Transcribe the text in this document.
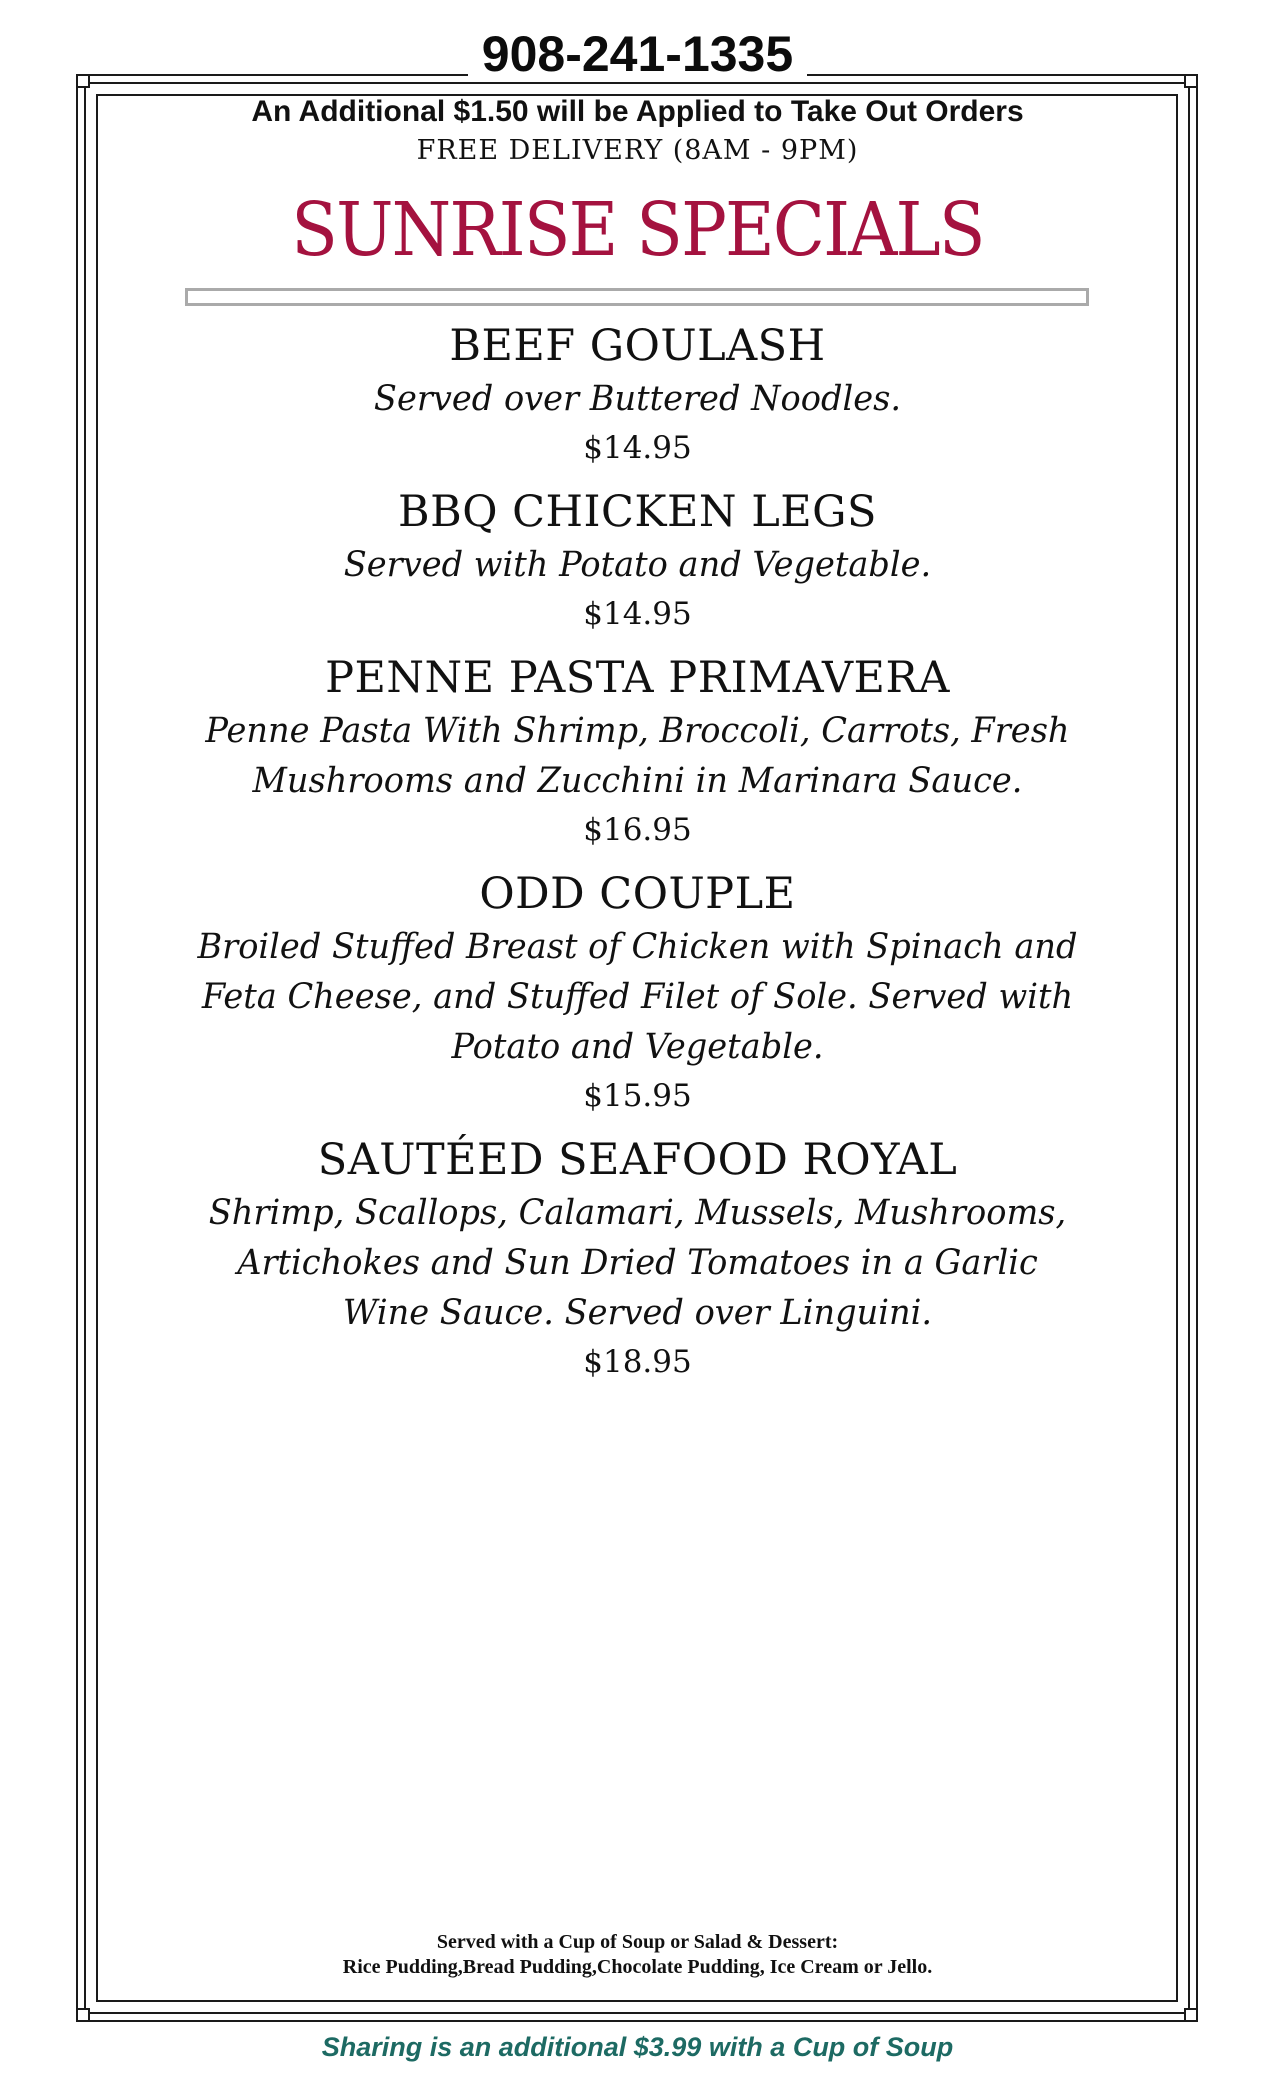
908-241-1335
An Additional $1.50 will be Applied to Take Out Orders
FREE DELIVERY (8AM - 9PM)
SUNRISE SPECIALS
BEEF GOULASH
Served over Buttered Noodles.
$14.95
BBQ CHICKEN LEGS
Served with Potato and Vegetable.
$14.95
PENNE PASTA PRIMAVERA
Penne Pasta With Shrimp, Broccoli, Carrots, Fresh
Mushrooms and Zucchini in Marinara Sauce.
$16.95
ODD COUPLE
Broiled Stuffed Breast of Chicken with Spinach and
Feta Cheese, and Stuffed Filet of Sole. Served with
Potato and Vegetable.
$15.95
SAUTÉED SEAFOOD ROYAL
Shrimp, Scallops, Calamari, Mussels, Mushrooms,
Artichokes and Sun Dried Tomatoes in a Garlic
Wine Sauce. Served over Linguini.
$18.95
Served with a Cup of Soup or Salad & Dessert:
Rice Pudding,Bread Pudding,Chocolate Pudding, Ice Cream or Jello.
Sharing is an additional $3.99 with a Cup of Soup
